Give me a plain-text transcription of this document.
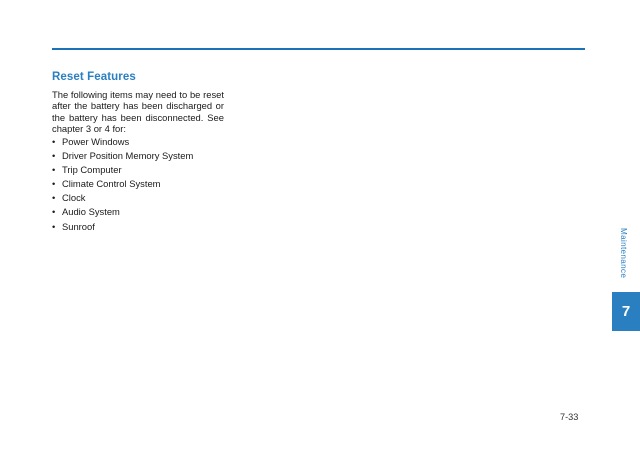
Reset Features
The following items may need to be reset after the battery has been discharged or the battery has been disconnected. See chapter 3 or 4 for:
• Power Windows
• Driver Position Memory System
• Trip Computer
• Climate Control System
• Clock
• Audio System
• Sunroof
Maintenance
7
7-33
